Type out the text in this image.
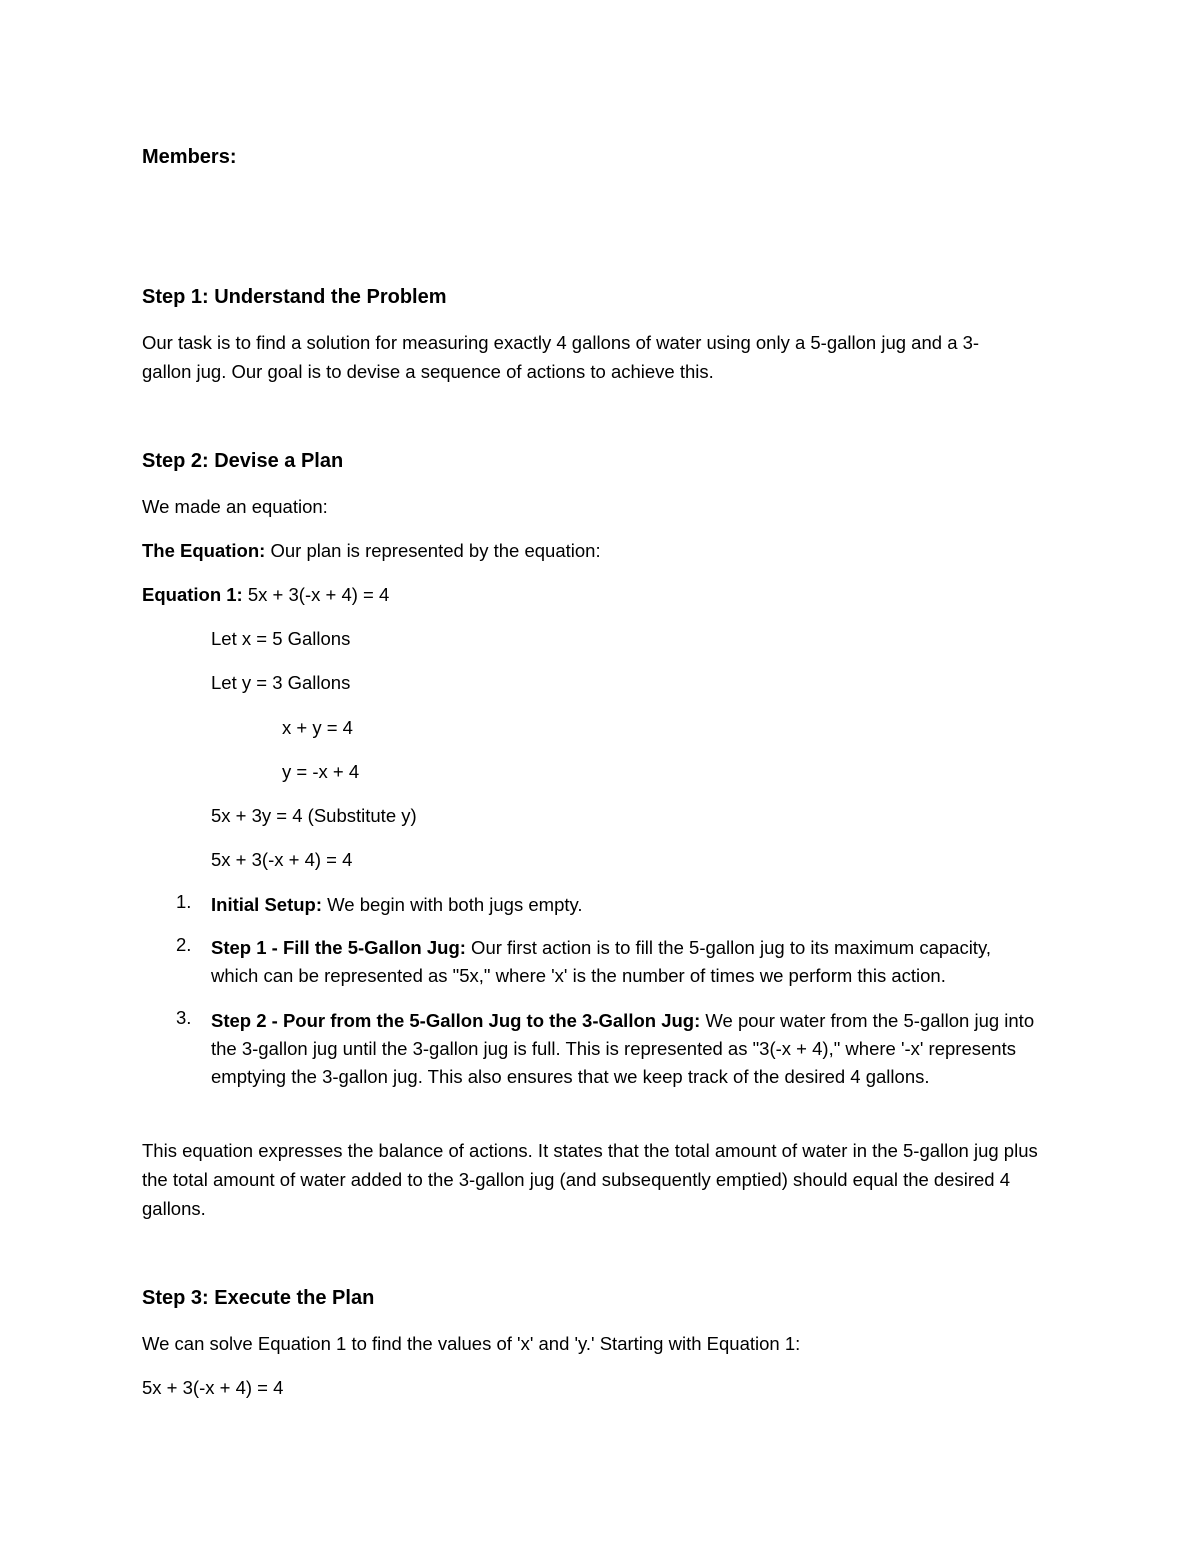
Members:
Step 1: Understand the Problem
Our task is to find a solution for measuring exactly 4 gallons of water using only a 5-gallon jug and a 3-
gallon jug. Our goal is to devise a sequence of actions to achieve this.
Step 2: Devise a Plan
We made an equation:
The Equation: Our plan is represented by the equation:
Equation 1: 5x + 3(-x + 4) = 4
Let x = 5 Gallons
Let y = 3 Gallons
x + y = 4
y = -x + 4
5x + 3y = 4 (Substitute y)
5x + 3(-x + 4) = 4
1.	Initial Setup: We begin with both jugs empty.
2.	Step 1 - Fill the 5-Gallon Jug: Our first action is to fill the 5-gallon jug to its maximum capacity, which can be represented as "5x," where 'x' is the number of times we perform this action.
3.	Step 2 - Pour from the 5-Gallon Jug to the 3-Gallon Jug: We pour water from the 5-gallon jug into the 3-gallon jug until the 3-gallon jug is full. This is represented as "3(-x + 4)," where '-x' represents emptying the 3-gallon jug. This also ensures that we keep track of the desired 4 gallons.
This equation expresses the balance of actions. It states that the total amount of water in the 5-gallon jug plus the total amount of water added to the 3-gallon jug (and subsequently emptied) should equal the desired 4 gallons.
Step 3: Execute the Plan
We can solve Equation 1 to find the values of 'x' and 'y.' Starting with Equation 1:
5x + 3(-x + 4) = 4
